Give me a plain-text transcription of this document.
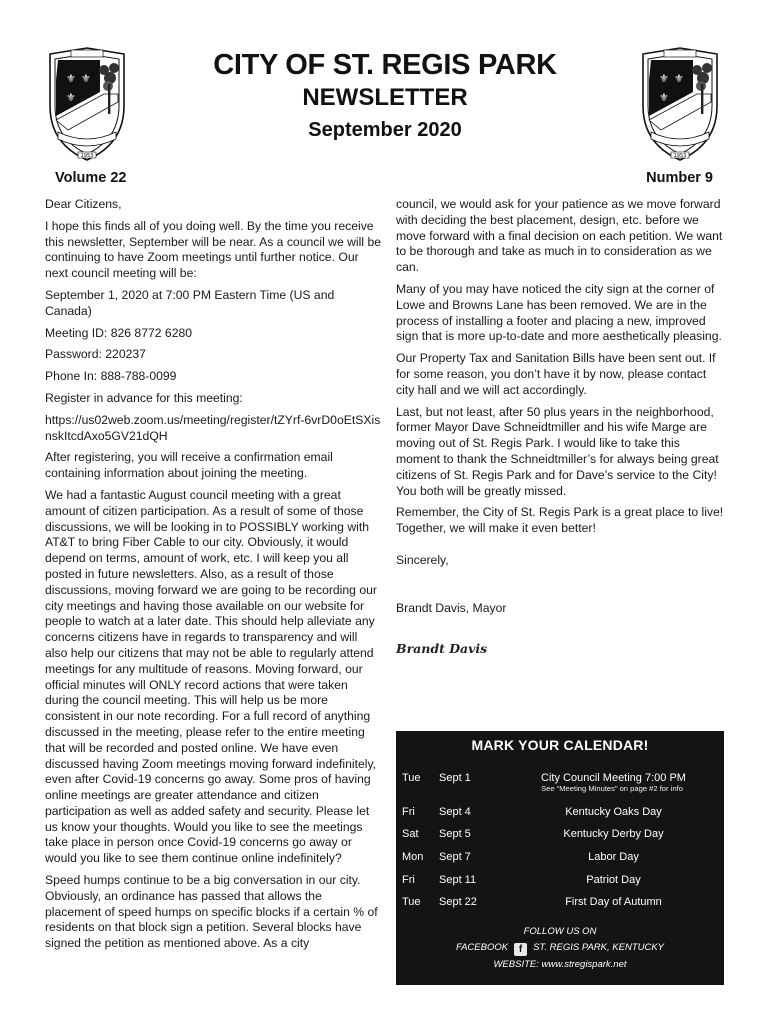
⚜ ⚜
⚜
1953
⚜ ⚜
⚜
1953
CITY OF ST. REGIS PARK
NEWSLETTER
September 2020
Volume 22	Number 9

Dear Citizens,

I hope this finds all of you doing well. By the time you receive this newsletter, September will be near. As a council we will be continuing to have Zoom meetings until further notice. Our next council meeting will be:

September 1, 2020 at 7:00 PM Eastern Time (US and Canada)

Meeting ID: 826 8772 6280

Password: 220237

Phone In: 888-788-0099

Register in advance for this meeting:

https://us02web.zoom.us/meeting/register/tZYrf-6vrD0oEtSXisnskItcdAxo5GV21dQH

After registering, you will receive a confirmation email containing information about joining the meeting.

We had a fantastic August council meeting with a great amount of citizen participation. As a result of some of those discussions, we will be looking in to POSSIBLY working with AT&T to bring Fiber Cable to our city. Obviously, it would depend on terms, amount of work, etc. I will keep you all posted in future newsletters. Also, as a result of those discussions, moving forward we are going to be recording our city meetings and having those available on our website for people to watch at a later date. This should help alleviate any concerns citizens have in regards to transparency and will also help our citizens that may not be able to regularly attend meetings for any multitude of reasons. Moving forward, our official minutes will ONLY record actions that were taken during the council meeting. This will help us be more consistent in our note recording. For a full record of anything discussed in the meeting, please refer to the entire meeting that will be recorded and posted online. We have even discussed having Zoom meetings moving forward indefinitely, even after Covid-19 concerns go away. Some pros of having online meetings are greater attendance and citizen participation as well as added safety and security. Please let us know your thoughts. Would you like to see the meetings take place in person once Covid-19 concerns go away or would you like to see them continue online indefinitely?

Speed humps continue to be a big conversation in our city. Obviously, an ordinance has passed that allows the placement of speed humps on specific blocks if a certain % of residents on that block sign a petition. Several blocks have signed the petition as mentioned above. As a city

council, we would ask for your patience as we move forward with deciding the best placement, design, etc. before we move forward with a final decision on each petition. We want to be thorough and take as much in to consideration as we can.

Many of you may have noticed the city sign at the corner of Lowe and Browns Lane has been removed. We are in the process of installing a footer and placing a new, improved sign that is more up-to-date and more aesthetically pleasing.

Our Property Tax and Sanitation Bills have been sent out. If for some reason, you don’t have it by now, please contact city hall and we will act accordingly.

Last, but not least, after 50 plus years in the neighborhood, former Mayor Dave Schneidtmiller and his wife Marge are moving out of St. Regis Park. I would like to take this moment to thank the Schneidtmiller’s for always being great citizens of St. Regis Park and for Dave’s service to the City! You both will be greatly missed.

Remember, the City of St. Regis Park is a great place to live! Together, we will make it even better!

Sincerely,

Brandt Davis, Mayor

Brandt Davis
MARK YOUR CALENDAR!
Tue	Sept 1	City Council Meeting 7:00 PM
See “Meeting Minutes” on page #2 for info
Fri	Sept 4	Kentucky Oaks Day
Sat	Sept 5	Kentucky Derby Day
Mon	Sept 7	Labor Day
Fri	Sept 11	Patriot Day
Tue	Sept 22	First Day of Autumn
FOLLOW US ON
FACEBOOK f ST. REGIS PARK, KENTUCKY
WEBSITE: www.stregispark.net
